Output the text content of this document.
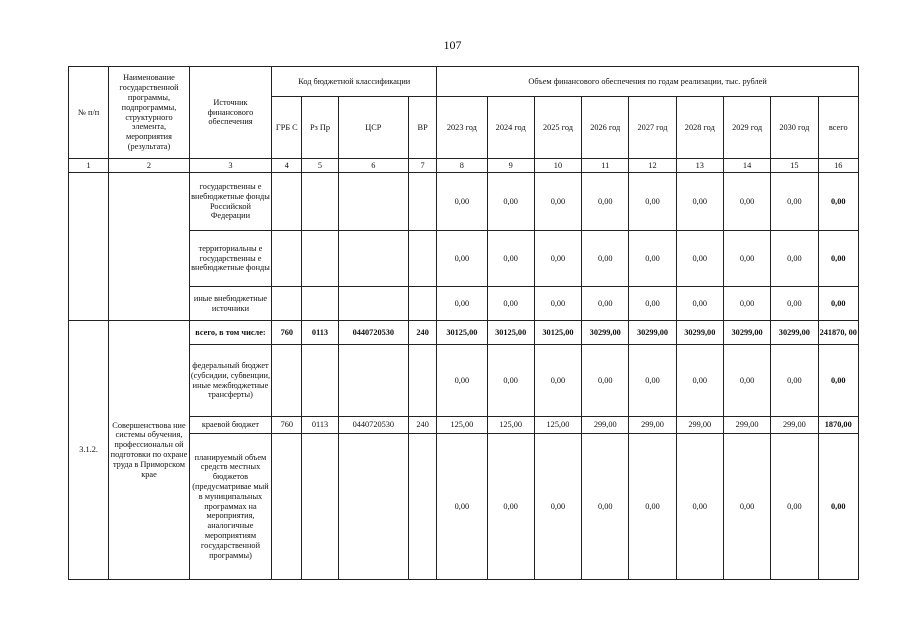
107
№ п/п	Наименование государственной программы, подпрограммы, структурного элемента, мероприятия (результата)	Источник финансового обеспечения	Код бюджетной классификации				Объем финансового обеспечения по годам реализации, тыс. рублей								
			ГРБ С	Рз Пр	ЦСР	ВР	2023 год	2024 год	2025 год	2026 год	2027 год	2028 год	2029 год	2030 год	всего
1	2	3	4	5	6	7	8	9	10	11	12	13	14	15	16
		государственны е внебюджетные фонды Российской Федерации					0,00	0,00	0,00	0,00	0,00	0,00	0,00	0,00	0,00
		территориальны е государственны е внебюджетные фонды					0,00	0,00	0,00	0,00	0,00	0,00	0,00	0,00	0,00
		иные внебюджетные источники					0,00	0,00	0,00	0,00	0,00	0,00	0,00	0,00	0,00
3.1.2.	Совершенствова ние системы обучения, профессиональн ой подготовки по охране труда в Приморском крае	всего, в том числе:	760	0113	0440720530	240	30125,00	30125,00	30125,00	30299,00	30299,00	30299,00	30299,00	30299,00	241870, 00
		федеральный бюджет (субсидии, субвенции, иные межбюджетные трансферты)					0,00	0,00	0,00	0,00	0,00	0,00	0,00	0,00	0,00
		краевой бюджет	760	0113	0440720530	240	125,00	125,00	125,00	299,00	299,00	299,00	299,00	299,00	1870,00
		планируемый объем средств местных бюджетов (предусматривае мый в муниципальных программах на мероприятия, аналогичные мероприятиям государственной программы)					0,00	0,00	0,00	0,00	0,00	0,00	0,00	0,00	0,00
